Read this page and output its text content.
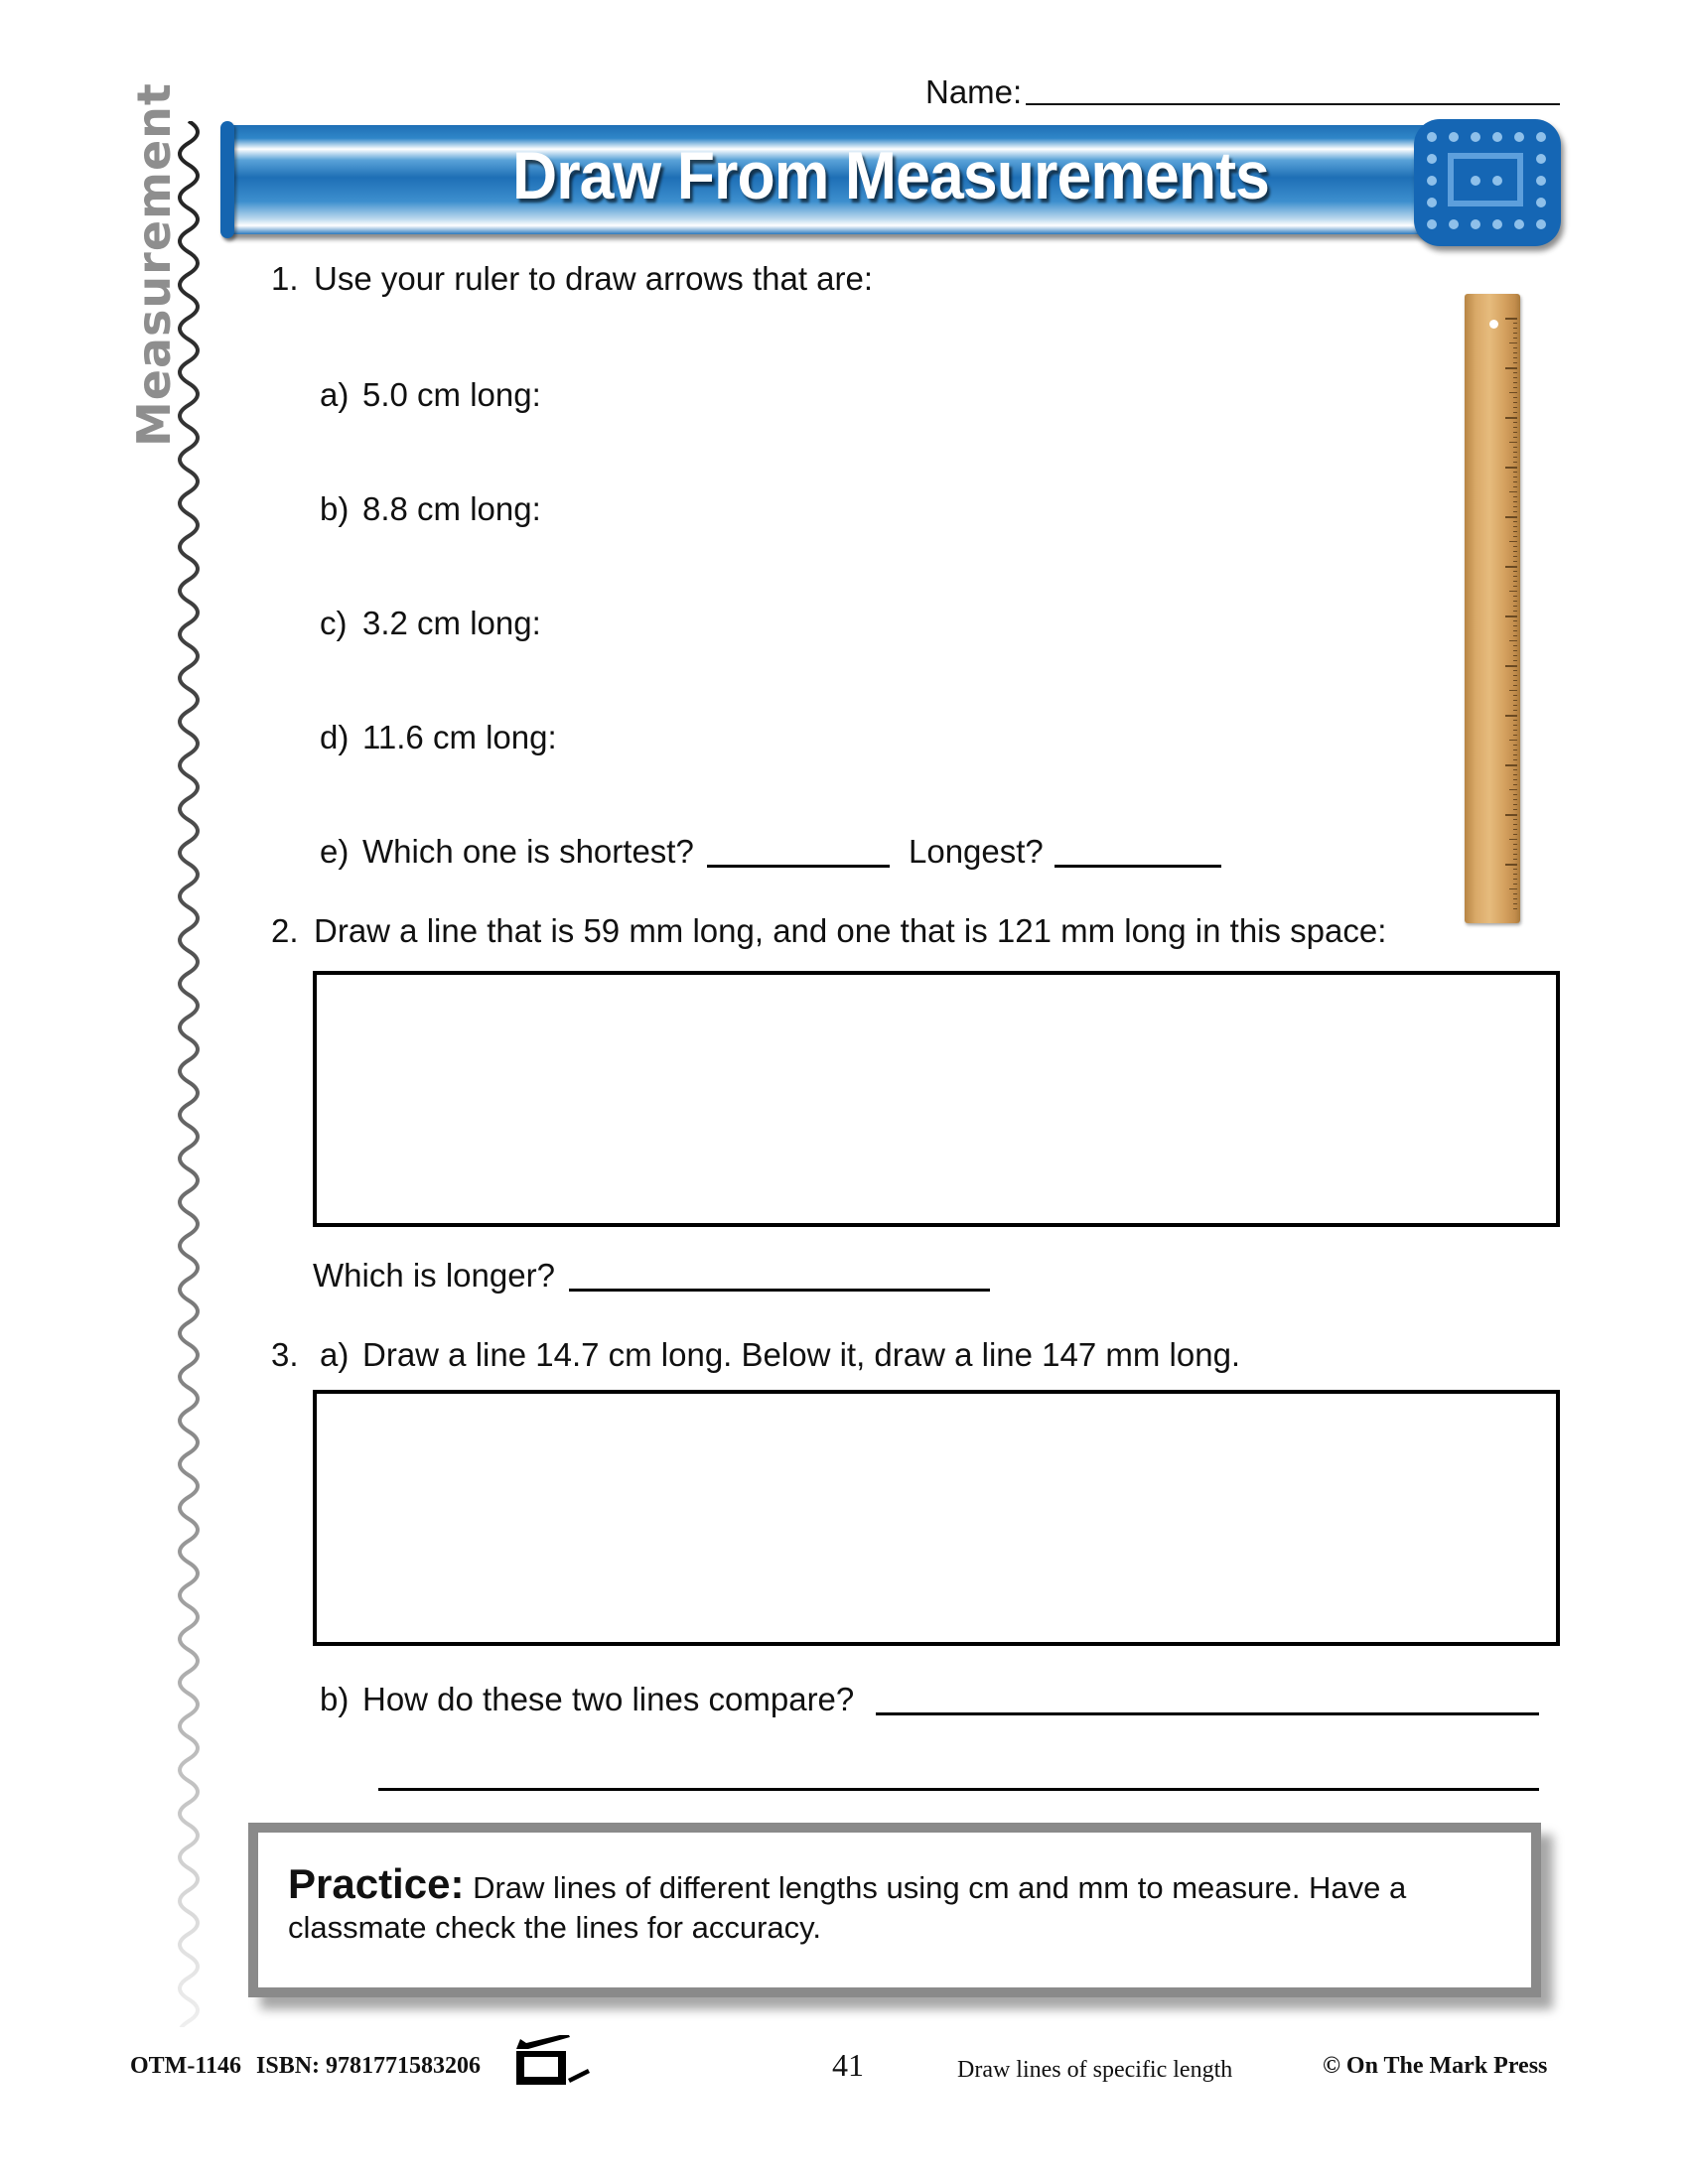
Measurement	Name:
Draw From Measurements
1. Use your ruler to draw arrows that are:
a) 5.0 cm long:
b) 8.8 cm long:
c) 3.2 cm long:
d) 11.6 cm long:
e) Which one is shortest?	Longest?
2. Draw a line that is 59 mm long, and one that is 121 mm long in this space:
Which is longer?
3. a) Draw a line 14.7 cm long. Below it, draw a line 147 mm long.
b) How do these two lines compare?
Practice: Draw lines of different lengths using cm and mm to measure. Have a classmate check the lines for accuracy.
OTM-1146 ISBN: 9781771583206	41	Draw lines of specific length	© On The Mark Press
